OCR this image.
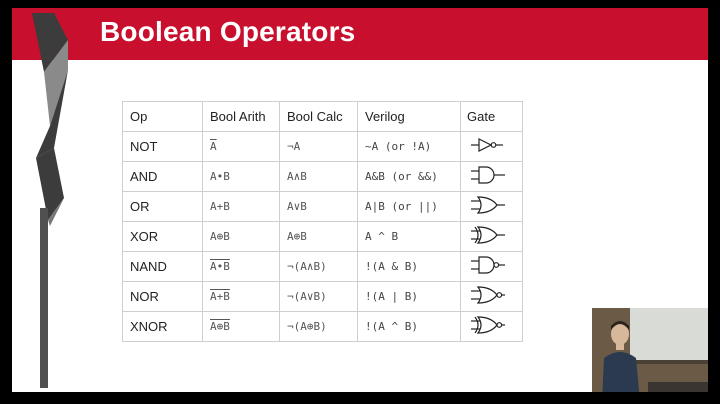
Boolean Operators
Op	Bool Arith	Bool Calc	Verilog	Gate
NOT	$\overline{A}$	¬A	~A (or !A)	
AND	A•B	A∧B	A&B (or &&)	
OR	A+B	A∨B	A|B (or ||)	
XOR	A⊕B	A⊕B	A ^ B	
NAND	A•B	¬(A∧B)	!(A & B)	
NOR	A+B	¬(A∨B)	!(A | B)	
XNOR	A⊕B	¬(A⊕B)	!(A ^ B)	
